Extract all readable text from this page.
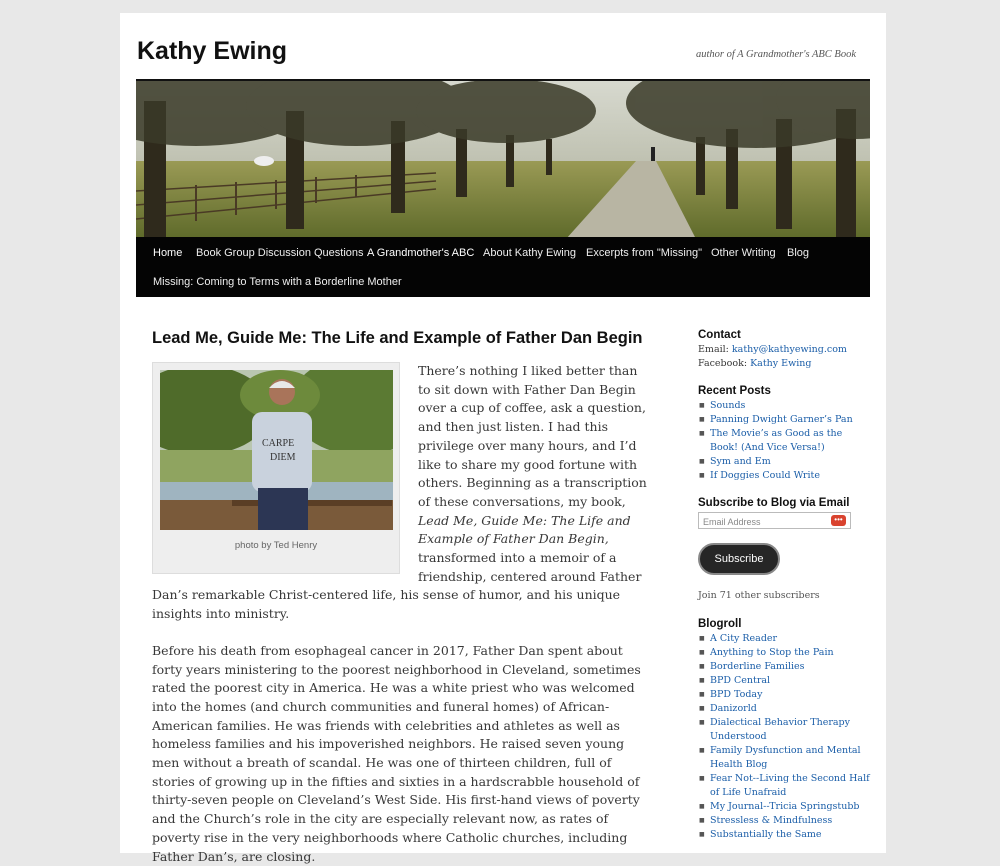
Kathy Ewing	author of A Grandmother's ABC Book
Home Book Group Discussion Questions A Grandmother's ABC About Kathy Ewing Excerpts from "Missing" Other Writing Blog
Missing: Coming to Terms with a Borderline Mother
Lead Me, Guide Me: The Life and Example of Father Dan Begin
CARPE
DIEM
photo by Ted Henry

There’s nothing I liked better than to sit down with Father Dan Begin over a cup of coffee, ask a question, and then just listen. I had this privilege over many hours, and I’d like to share my good fortune with others. Beginning as a transcription of these conversations, my book, Lead Me, Guide Me: The Life and Example of Father Dan Begin, transformed into a memoir of a friendship, centered around Father Dan’s remarkable Christ-centered life, his sense of humor, and his unique insights into ministry.

Before his death from esophageal cancer in 2017, Father Dan spent about forty years ministering to the poorest neighborhood in Cleveland, sometimes rated the poorest city in America. He was a white priest who was welcomed into the homes (and church communities and funeral homes) of African-American families. He was friends with celebrities and athletes as well as homeless families and his impoverished neighbors. He raised seven young men without a breath of scandal. He was one of thirteen children, full of stories of growing up in the fifties and sixties in a hardscrabble household of thirty-seven people on Cleveland’s West Side. His first-hand views of poverty and the Church’s role in the city are especially relevant now, as rates of poverty rise in the very neighborhoods where Catholic churches, including Father Dan’s, are closing.

Contact
Email: kathy@kathyewing.com
Facebook: Kathy Ewing
Recent Posts
■ Sounds
■ Panning Dwight Garner’s Pan
■ The Movie’s as Good as the Book! (And Vice Versa!)
■ Sym and Em
■ If Doggies Could Write
Subscribe to Blog via Email
Email Address	•••
Subscribe
Join 71 other subscribers
Blogroll
■ A City Reader
■ Anything to Stop the Pain
■ Borderline Families
■ BPD Central
■ BPD Today
■ Danizorld
■ Dialectical Behavior Therapy Understood
■ Family Dysfunction and Mental Health Blog
■ Fear Not--Living the Second Half of Life Unafraid
■ My Journal--Tricia Springstubb
■ Stressless & Mindfulness
■ Substantially the Same
